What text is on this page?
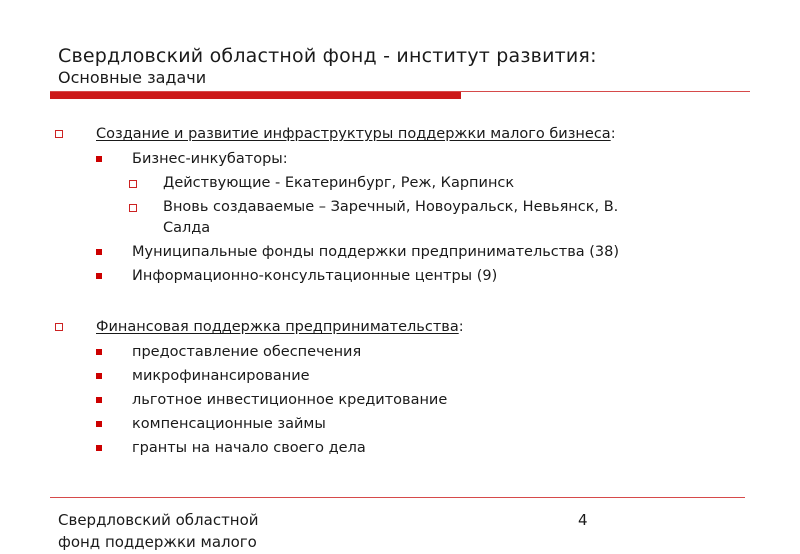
Свердловский областной фонд - институт развития:
Основные задачи
Создание и развитие инфраструктуры поддержки малого бизнеса:
Бизнес-инкубаторы:
Действующие - Екатеринбург, Реж, Карпинск
Вновь создаваемые – Заречный, Новоуральск, Невьянск, В.
Салда
Муниципальные фонды поддержки предпринимательства (38)
Информационно-консультационные центры (9)
Финансовая поддержка предпринимательства:
предоставление обеспечения
микрофинансирование
льготное инвестиционное кредитование
компенсационные займы
гранты на начало своего дела
Свердловский областной
фонд поддержки малого
4
